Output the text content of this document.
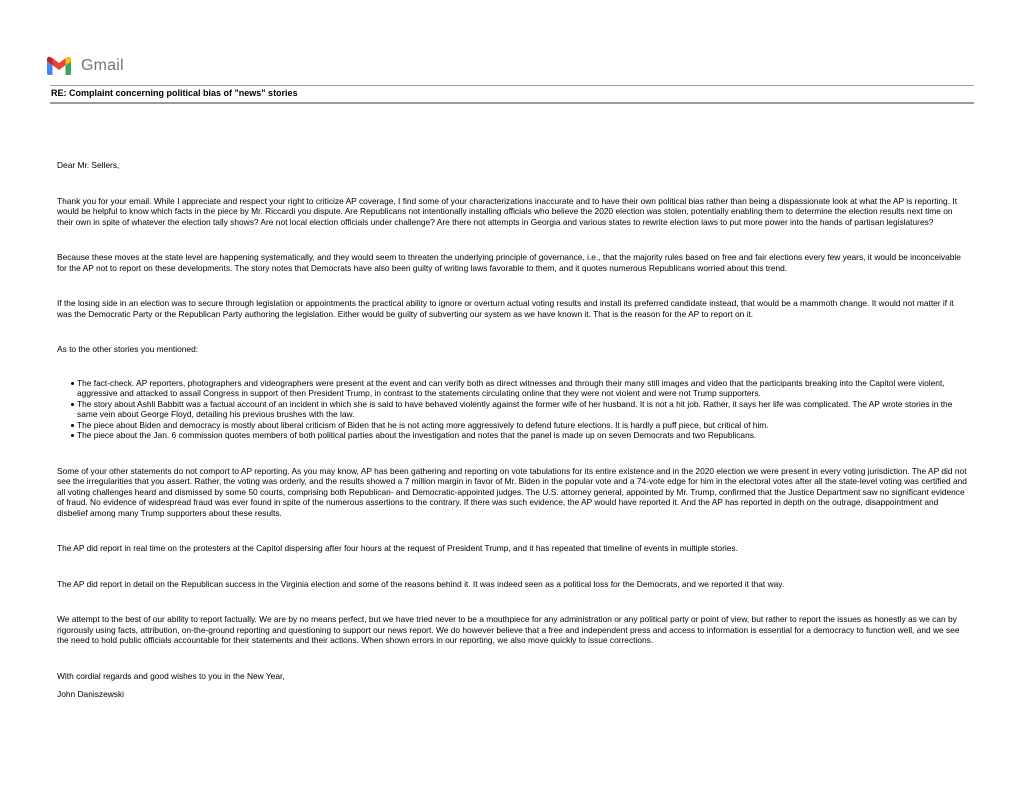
Gmail
RE: Complaint concerning political bias of "news" stories

Dear Mr. Sellers,

Thank you for your email. While I appreciate and respect your right to criticize AP coverage, I find some of your characterizations inaccurate and to have their own political bias rather than being a dispassionate look at what the AP is reporting. It would be helpful to know which facts in the piece by Mr. Riccardi you dispute. Are Republicans not intentionally installing officials who believe the 2020 election was stolen, potentially enabling them to determine the election results next time on their own in spite of whatever the election tally shows? Are not local election officials under challenge? Are there not attempts in Georgia and various states to rewrite election laws to put more power into the hands of partisan legislatures?

Because these moves at the state level are happening systematically, and they would seem to threaten the underlying principle of governance, i.e., that the majority rules based on free and fair elections every few years, it would be inconceivable for the AP not to report on these developments. The story notes that Democrats have also been guilty of writing laws favorable to them, and it quotes numerous Republicans worried about this trend.

If the losing side in an election was to secure through legislation or appointments the practical ability to ignore or overturn actual voting results and install its preferred candidate instead, that would be a mammoth change. It would not matter if it was the Democratic Party or the Republican Party authoring the legislation. Either would be guilty of subverting our system as we have known it. That is the reason for the AP to report on it.

As to the other stories you mentioned:

The fact-check. AP reporters, photographers and videographers were present at the event and can verify both as direct witnesses and through their many still images and video that the participants breaking into the Capitol were violent, aggressive and attacked to assail Congress in support of then President Trump, in contrast to the statements circulating online that they were not violent and were not Trump supporters.
The story about Ashli Babbitt was a factual account of an incident in which she is said to have behaved violently against the former wife of her husband. It is not a hit job. Rather, it says her life was complicated. The AP wrote stories in the same vein about George Floyd, detailing his previous brushes with the law.
The piece about Biden and democracy is mostly about liberal criticism of Biden that he is not acting more aggressively to defend future elections. It is hardly a puff piece, but critical of him.
The piece about the Jan. 6 commission quotes members of both political parties about the investigation and notes that the panel is made up on seven Democrats and two Republicans.

Some of your other statements do not comport to AP reporting. As you may know, AP has been gathering and reporting on vote tabulations for its entire existence and in the 2020 election we were present in every voting jurisdiction. The AP did not see the irregularities that you assert. Rather, the voting was orderly, and the results showed a 7 million margin in favor of Mr. Biden in the popular vote and a 74-vote edge for him in the electoral votes after all the state-level voting was certified and all voting challenges heard and dismissed by some 50 courts, comprising both Republican- and Democratic-appointed judges. The U.S. attorney general, appointed by Mr. Trump, confirmed that the Justice Department saw no significant evidence of fraud. No evidence of widespread fraud was ever found in spite of the numerous assertions to the contrary. If there was such evidence, the AP would have reported it. And the AP has reported in depth on the outrage, disappointment and disbelief among many Trump supporters about these results.

The AP did report in real time on the protesters at the Capitol dispersing after four hours at the request of President Trump, and it has repeated that timeline of events in multiple stories.

The AP did report in detail on the Republican success in the Virginia election and some of the reasons behind it. It was indeed seen as a political loss for the Democrats, and we reported it that way.

We attempt to the best of our ability to report factually. We are by no means perfect, but we have tried never to be a mouthpiece for any administration or any political party or point of view, but rather to report the issues as honestly as we can by rigorously using facts, attribution, on-the-ground reporting and questioning to support our news report. We do however believe that a free and independent press and access to information is essential for a democracy to function well, and we see the need to hold public officials accountable for their statements and their actions. When shown errors in our reporting, we also move quickly to issue corrections.

With cordial regards and good wishes to you in the New Year,

John Daniszewski
